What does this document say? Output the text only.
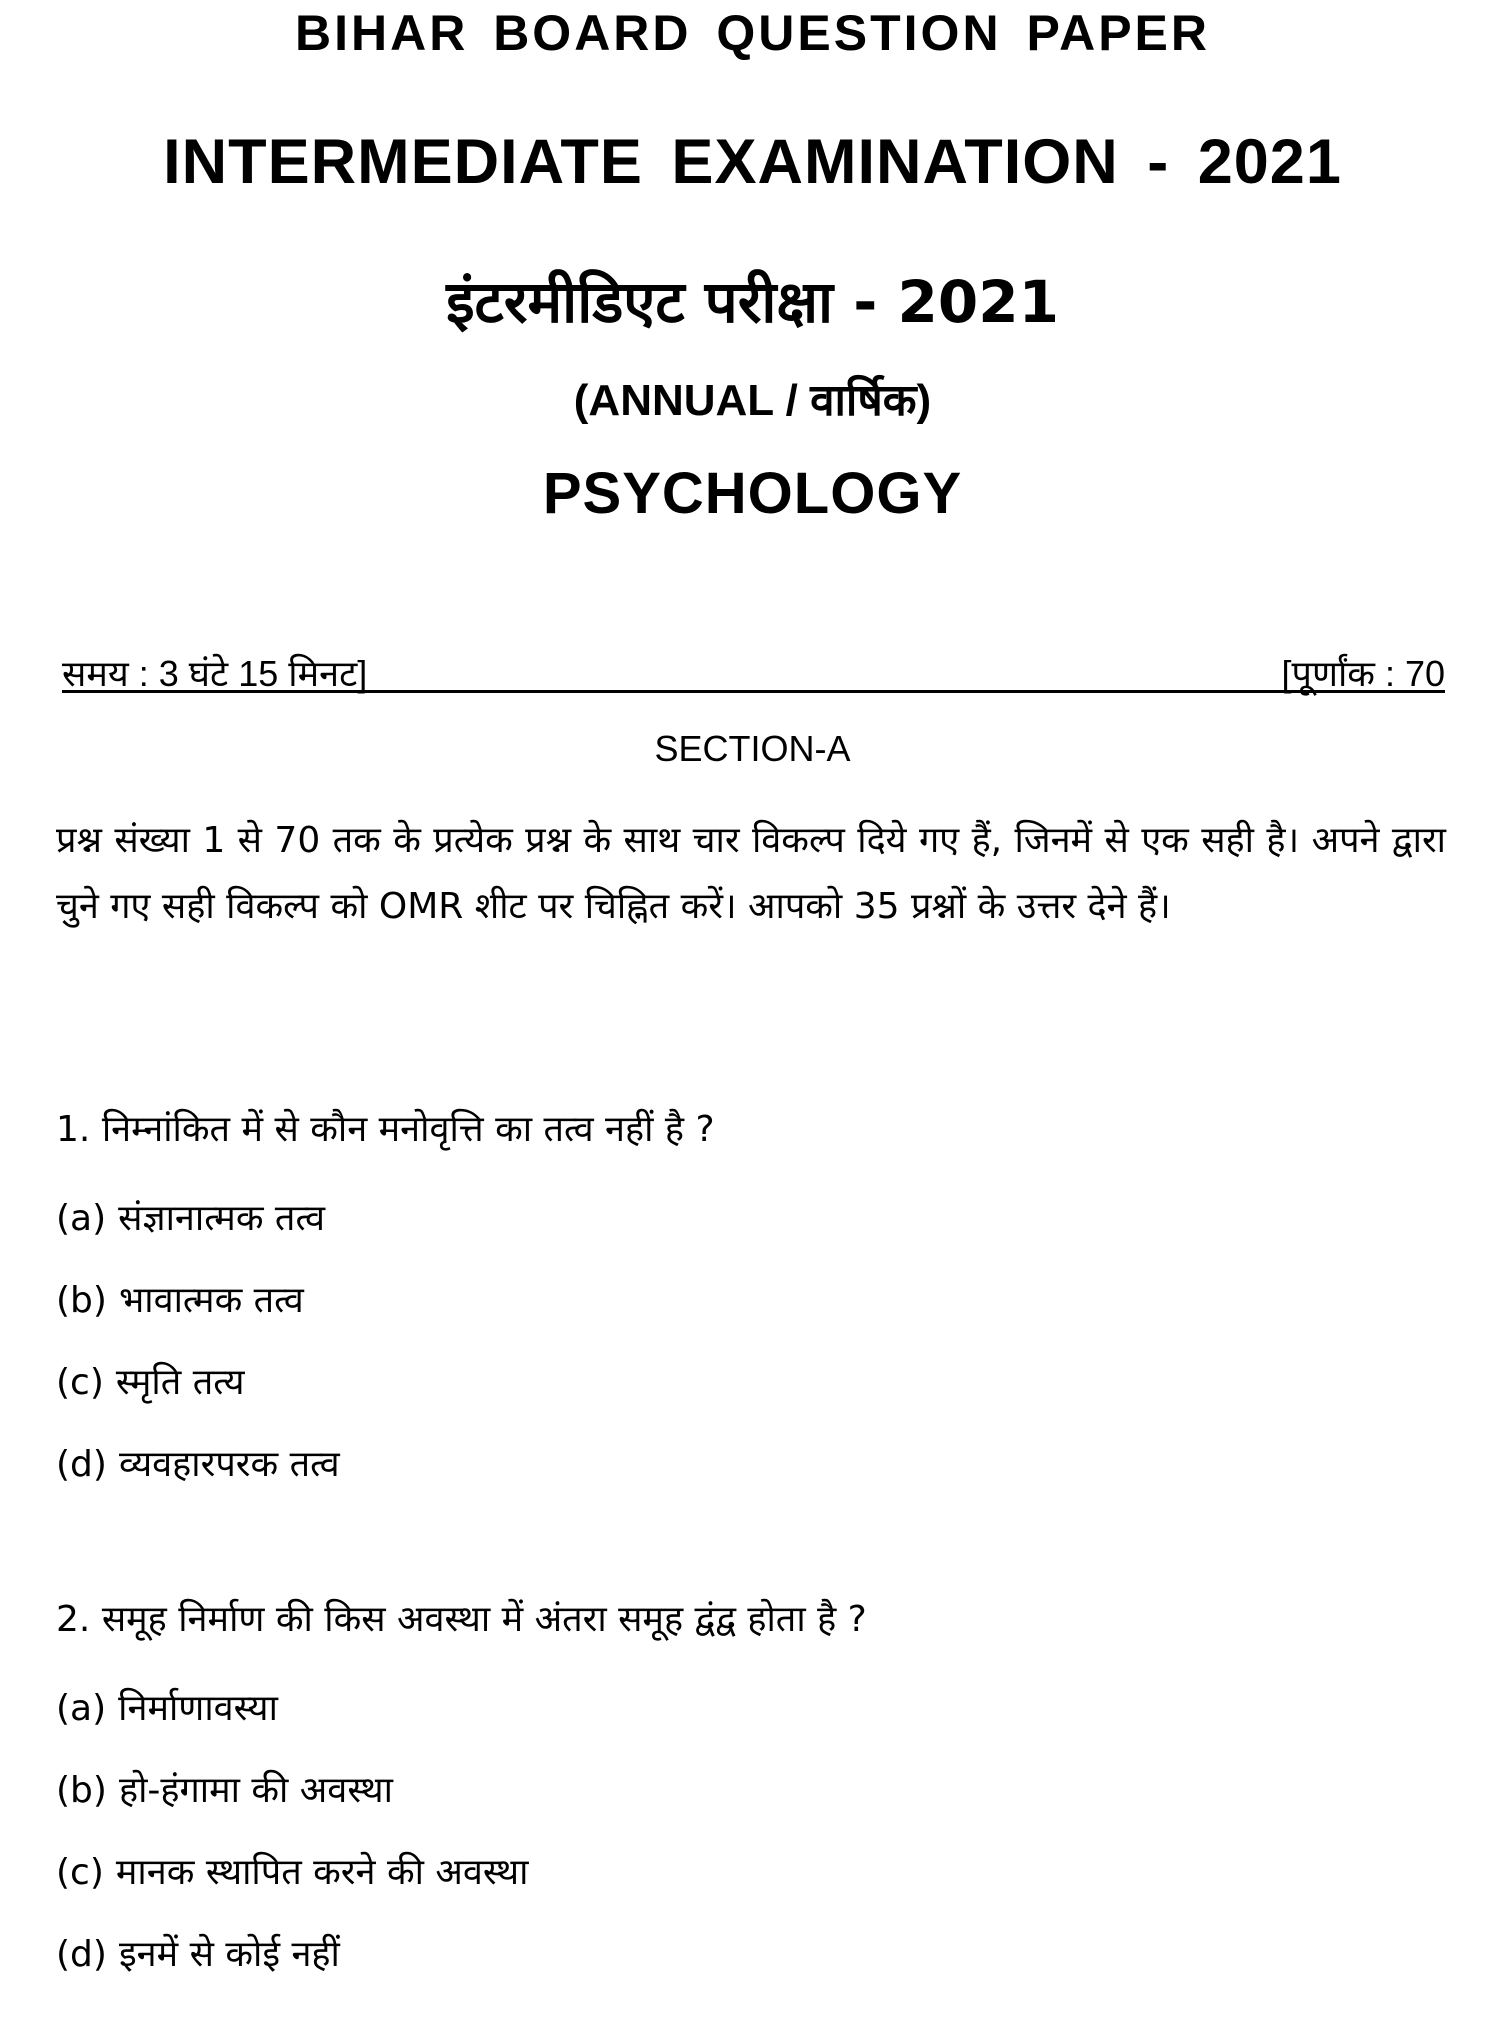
BIHAR BOARD QUESTION PAPER
INTERMEDIATE EXAMINATION - 2021
इंटरमीडिएट परीक्षा - 2021
(ANNUAL / वार्षिक)
PSYCHOLOGY
समय : 3 घंटे 15 मिनट]	[पूर्णांक : 70
SECTION-A
प्रश्न संख्या 1 से 70 तक के प्रत्येक प्रश्न के साथ चार विकल्प दिये गए हैं, जिनमें से एक सही है। अपने द्वारा चुने गए सही विकल्प को OMR शीट पर चिह्नित करें। आपको 35 प्रश्नों के उत्तर देने हैं।
1. निम्नांकित में से कौन मनोवृत्ति का तत्व नहीं है ?
(a) संज्ञानात्मक तत्व
(b) भावात्मक तत्व
(c) स्मृति तत्य
(d) व्यवहारपरक तत्व
2. समूह निर्माण की किस अवस्था में अंतरा समूह द्वंद्व होता है ?
(a) निर्माणावस्या
(b) हो-हंगामा की अवस्था
(c) मानक स्थापित करने की अवस्था
(d) इनमें से कोई नहीं
